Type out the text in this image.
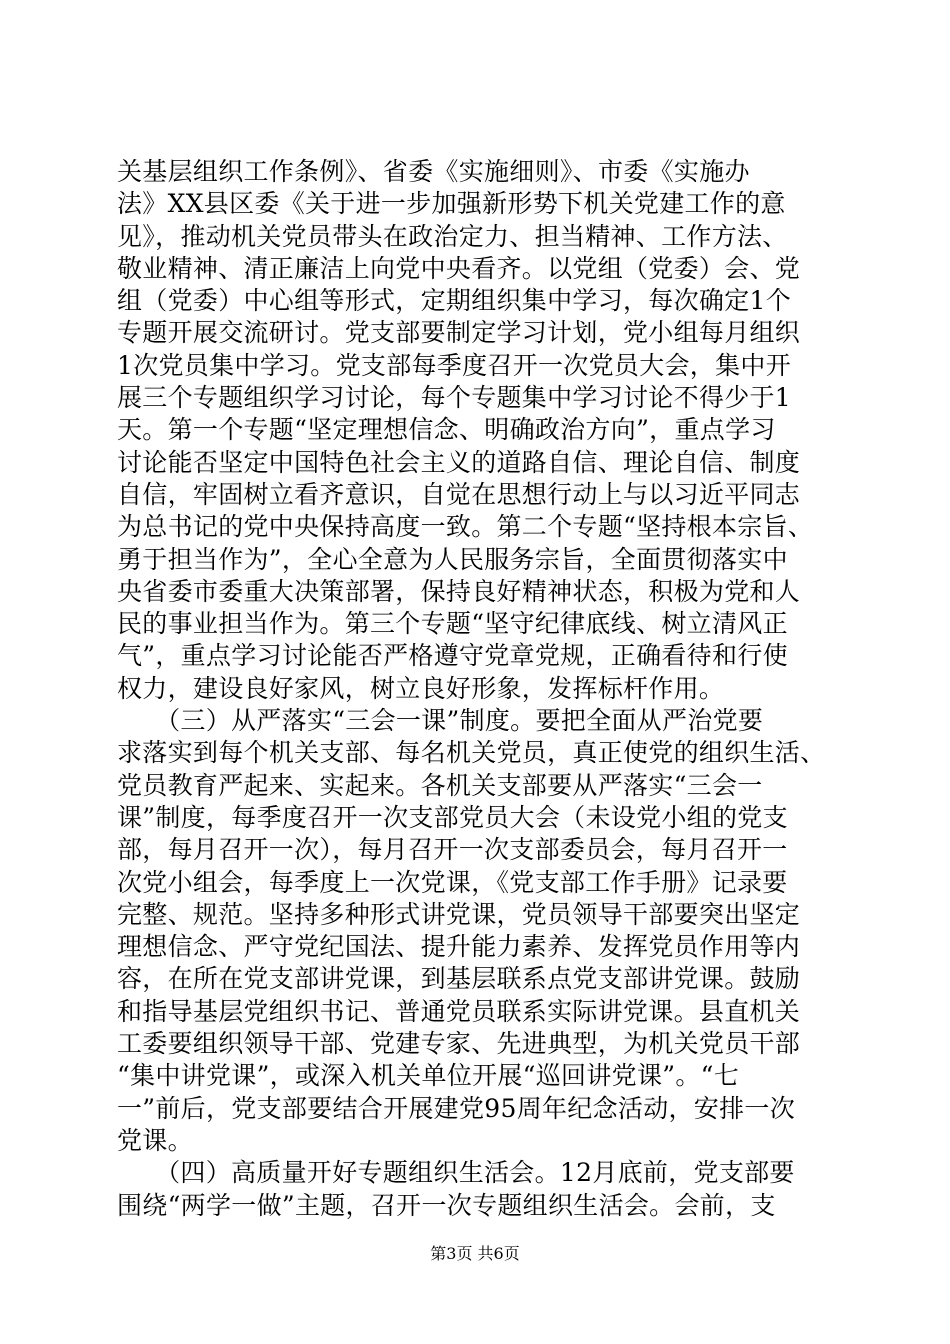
关基层组织工作条例》、省委《实施细则》、市委《实施办
法》XX县区委《关于进一步加强新形势下机关党建工作的意
见》，推动机关党员带头在政治定力、担当精神、工作方法、
敬业精神、清正廉洁上向党中央看齐。以党组（党委）会、党
组（党委）中心组等形式，定期组织集中学习，每次确定1个
专题开展交流研讨。党支部要制定学习计划，党小组每月组织
1次党员集中学习。党支部每季度召开一次党员大会，集中开
展三个专题组织学习讨论，每个专题集中学习讨论不得少于1
天。第一个专题“坚定理想信念、明确政治方向”，重点学习
讨论能否坚定中国特色社会主义的道路自信、理论自信、制度
自信，牢固树立看齐意识，自觉在思想行动上与以习近平同志
为总书记的党中央保持高度一致。第二个专题“坚持根本宗旨、
勇于担当作为”，全心全意为人民服务宗旨，全面贯彻落实中
央省委市委重大决策部署，保持良好精神状态，积极为党和人
民的事业担当作为。第三个专题“坚守纪律底线、树立清风正
气”，重点学习讨论能否严格遵守党章党规，正确看待和行使
权力，建设良好家风，树立良好形象，发挥标杆作用。
　　（三）从严落实“三会一课”制度。要把全面从严治党要
求落实到每个机关支部、每名机关党员，真正使党的组织生活、
党员教育严起来、实起来。各机关支部要从严落实“三会一
课”制度，每季度召开一次支部党员大会（未设党小组的党支
部，每月召开一次），每月召开一次支部委员会，每月召开一
次党小组会，每季度上一次党课，《党支部工作手册》记录要
完整、规范。坚持多种形式讲党课，党员领导干部要突出坚定
理想信念、严守党纪国法、提升能力素养、发挥党员作用等内
容，在所在党支部讲党课，到基层联系点党支部讲党课。鼓励
和指导基层党组织书记、普通党员联系实际讲党课。县直机关
工委要组织领导干部、党建专家、先进典型，为机关党员干部
“集中讲党课”，或深入机关单位开展“巡回讲党课”。“七
一”前后，党支部要结合开展建党95周年纪念活动，安排一次
党课。
　　（四）高质量开好专题组织生活会。12月底前，党支部要
围绕“两学一做”主题，召开一次专题组织生活会。会前，支
第3页 共6页
